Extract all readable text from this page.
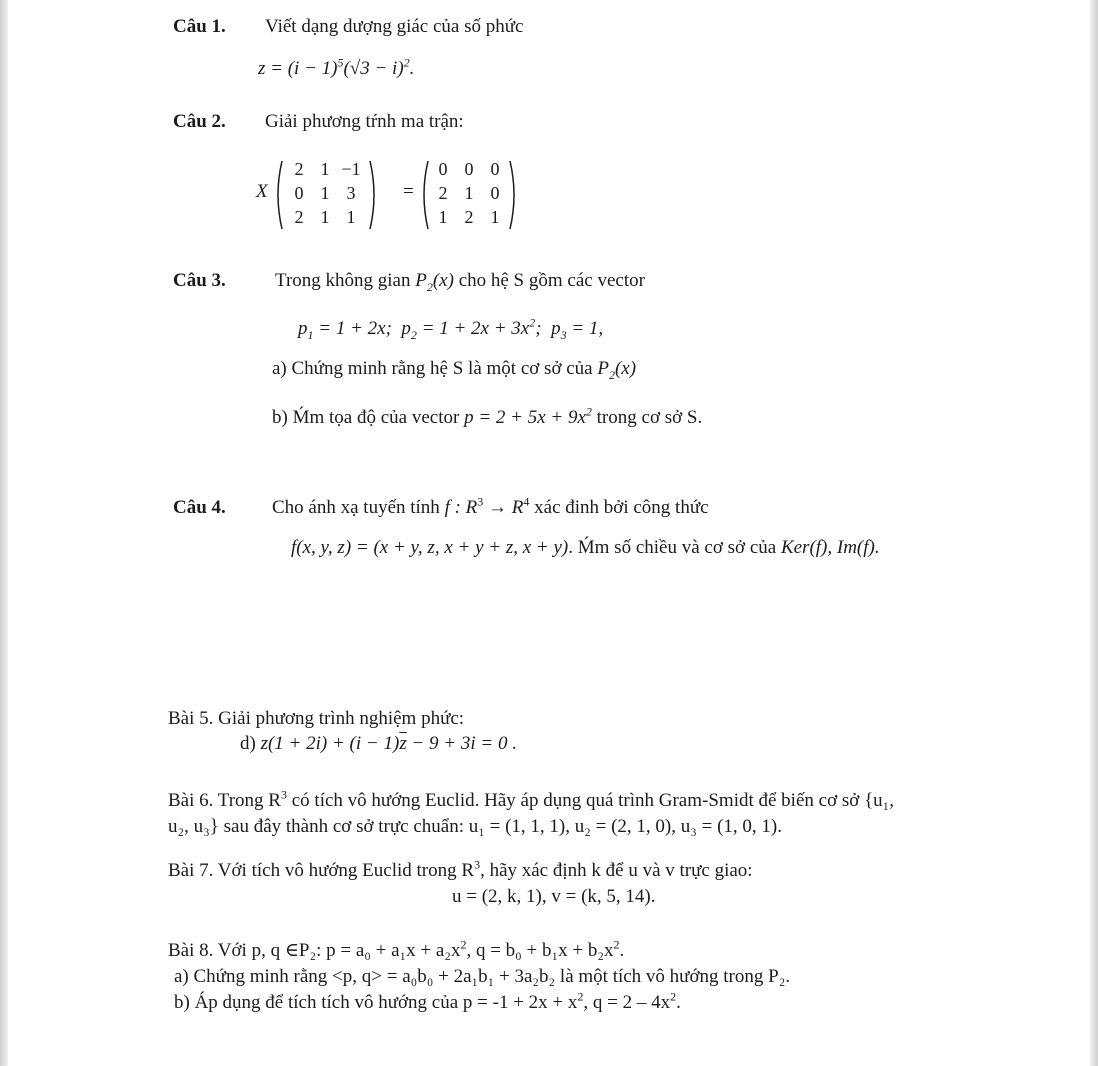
Câu 1. Viết dạng dượng giác của số phức
$z = (i - 1)^5(√3 - i)^2$.
Câu 2. Giải phương tŕnh ma trận:
X
2 1 −1
0 1 3
2 1 1
=
0 0 0
2 1 0
1 2 1
Câu 3.	Trong không gian $P_2(x)$ cho hệ S gồm các vector
$p_1 = 1 + 2x$; $p_2 = 1 + 2x + 3x^2$; $p_3 = 1$,
a) Chứng minh rằng hệ S là một cơ sở của $P_2(x)$
b) Ḿm tọa độ của vector $p = 2 + 5x + 9x^2$ trong cơ sở S.
Câu 4. Cho ánh xạ tuyến tính f : $R^3 \to R^4$ xác đinh bởi công thức
f(x, y, z) = (x + y, z, x + y + z, x + y). Ḿm số chiều và cơ sở của Ker(f), Im(f).
Bài 5. Giải phương trình nghiệm phức:
d) $z(1 + 2i) + (i - 1)\overline{z} - 9 + 3i = 0$ .
Bài 6. Trong $R^3$ có tích vô hướng Euclid. Hãy áp dụng quá trình Gram-Smidt để biến cơ sở {u₁,
u₂, u₃} sau đây thành cơ sở trực chuẩn: u₁ = (1, 1, 1), u₂ = (2, 1, 0), u₃ = (1, 0, 1).
Bài 7. Với tích vô hướng Euclid trong $R^3$, hãy xác định k để u và v trực giao:
u = (2, k, 1), v = (k, 5, 14).
Bài 8. Với p, q ∈P₂: $p = a_0 + a_1x + a_2x^2$, $q = b_0 + b_1x + b_2x^2$.
a) Chứng minh rằng <p, q> = a₀b₀ + 2a₁b₁ + 3a₂b₂ là một tích vô hướng trong P₂.
b) Áp dụng để tích tích vô hướng của $p = -1 + 2x + x^2$, $q = 2 - 4x^2$.
